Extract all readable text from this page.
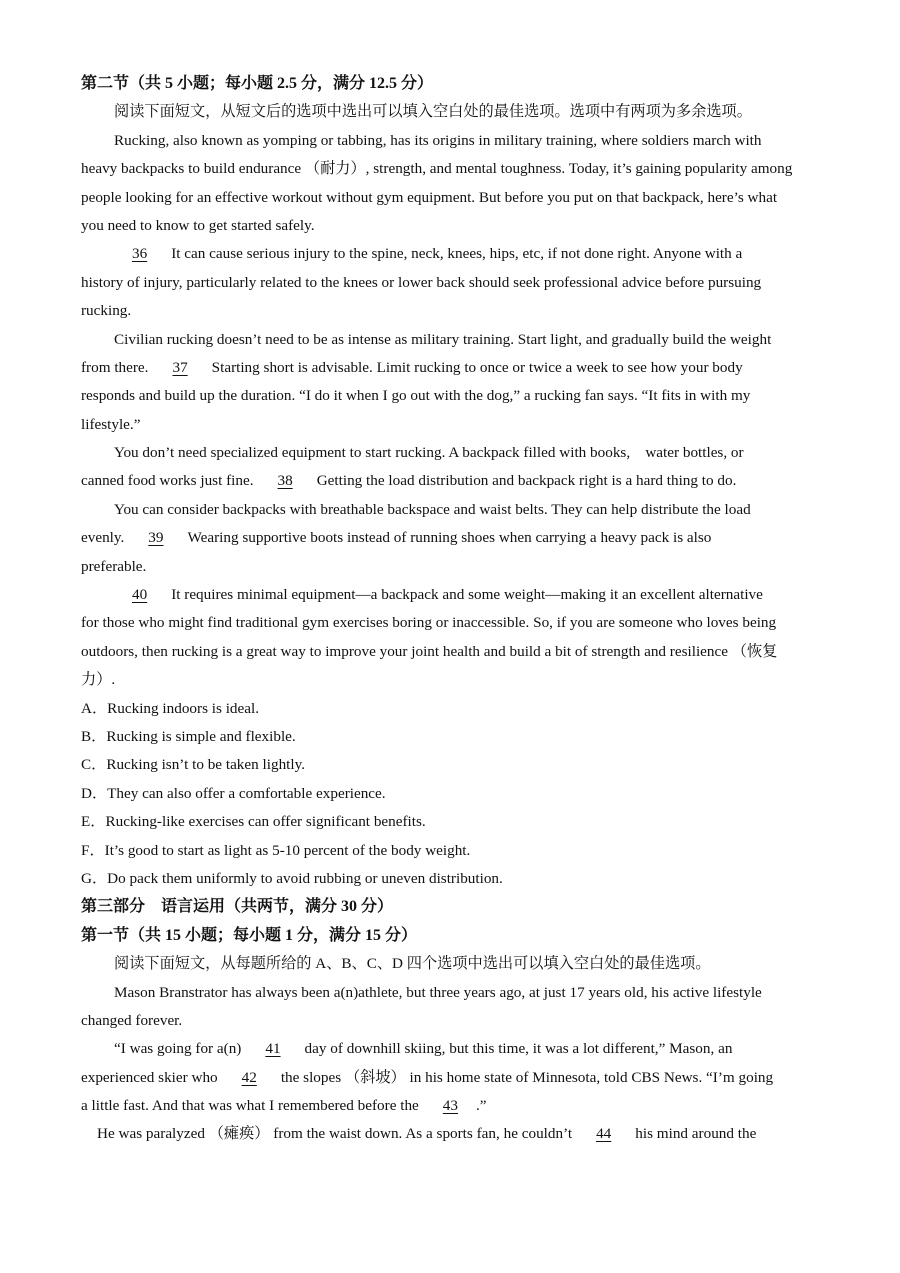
第二节（共 5 小题；每小题 2.5 分，满分 12.5 分）
阅读下面短文，从短文后的选项中选出可以填入空白处的最佳选项。选项中有两项为多余选项。
Rucking, also known as yomping or tabbing, has its origins in military training, where soldiers march with
heavy backpacks to build endurance （耐力）, strength, and mental toughness. Today, it’s gaining popularity among
people looking for an effective workout without gym equipment. But before you put on that backpack, here’s what
you need to know to get started safely.
36 It can cause serious injury to the spine, neck, knees, hips, etc, if not done right. Anyone with a
history of injury, particularly related to the knees or lower back should seek professional advice before pursuing
rucking.
Civilian rucking doesn’t need to be as intense as military training. Start light, and gradually build the weight
from there. 37 Starting short is advisable. Limit rucking to once or twice a week to see how your body
responds and build up the duration. “I do it when I go out with the dog,” a rucking fan says. “It fits in with my
lifestyle.”
You don’t need specialized equipment to start rucking. A backpack filled with books,    water bottles, or
canned food works just fine. 38 Getting the load distribution and backpack right is a hard thing to do.
You can consider backpacks with breathable backspace and waist belts. They can help distribute the load
evenly. 39 Wearing supportive boots instead of running shoes when carrying a heavy pack is also
preferable.
40 It requires minimal equipment—a backpack and some weight—making it an excellent alternative
for those who might find traditional gym exercises boring or inaccessible. So, if you are someone who loves being
outdoors, then rucking is a great way to improve your joint health and build a bit of strength and resilience （恢复
力）.
A．Rucking indoors is ideal.
B．Rucking is simple and flexible.
C．Rucking isn’t to be taken lightly.
D．They can also offer a comfortable experience.
E．Rucking-like exercises can offer significant benefits.
F．It’s good to start as light as 5-10 percent of the body weight.
G．Do pack them uniformly to avoid rubbing or uneven distribution.
第三部分　语言运用（共两节，满分 30 分）
第一节（共 15 小题；每小题 1 分，满分 15 分）
阅读下面短文，从每题所给的 A、B、C、D 四个选项中选出可以填入空白处的最佳选项。
Mason Branstrator has always been a(n)athlete, but three years ago, at just 17 years old, his active lifestyle
changed forever.
“I was going for a(n) 41 day of downhill skiing, but this time, it was a lot different,” Mason, an
experienced skier who 42 the slopes （斜坡） in his home state of Minnesota, told CBS News. “I’m going
a little fast. And that was what I remembered before the 43 .”
He was paralyzed （瘫痪） from the waist down. As a sports fan, he couldn’t 44 his mind around the
